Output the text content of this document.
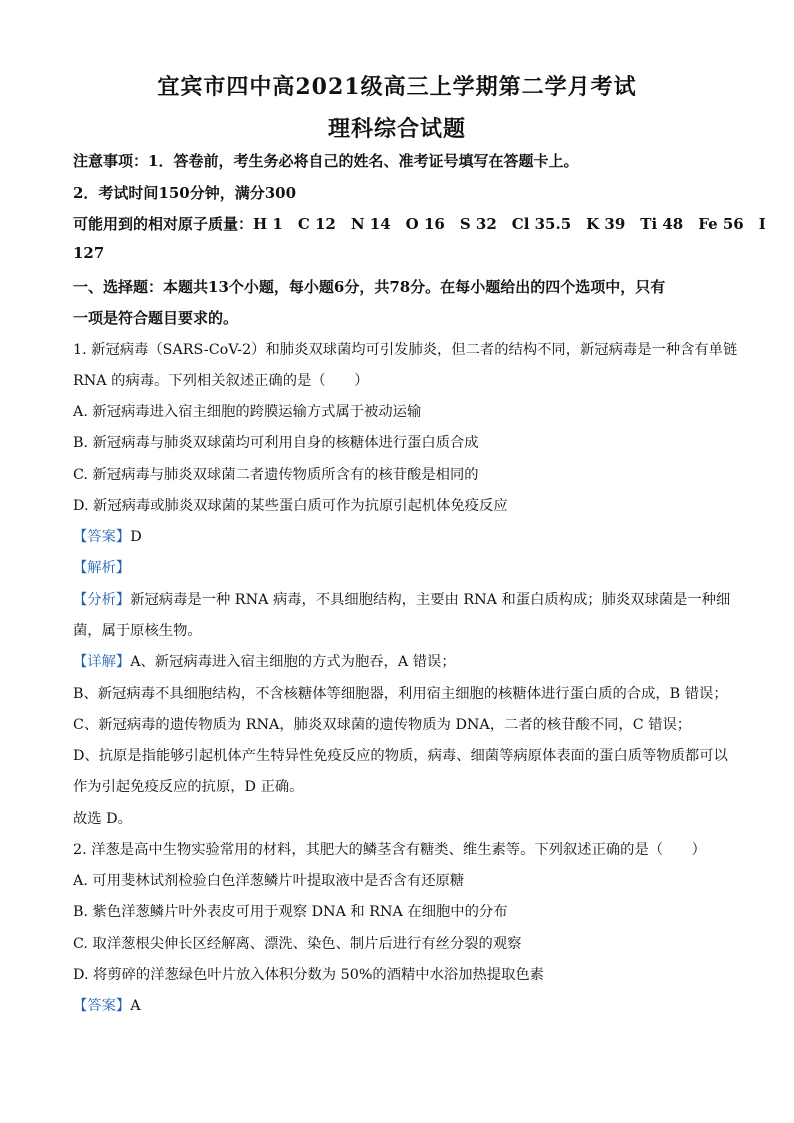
宜宾市四中高2021级高三上学期第二学月考试
理科综合试题
注意事项：1．答卷前，考生务必将自己的姓名、准考证号填写在答题卡上。
2．考试时间150分钟，满分300
可能用到的相对原子质量：H 1　C 12　N 14　O 16　S 32　Cl 35.5　K 39　Ti 48　Fe 56　I
127
一、选择题：本题共13个小题，每小题6分，共78分。在每小题给出的四个选项中，只有
一项是符合题目要求的。
1. 新冠病毒（SARS-CoV-2）和肺炎双球菌均可引发肺炎，但二者的结构不同，新冠病毒是一种含有单链
RNA 的病毒。下列相关叙述正确的是（　　）
A. 新冠病毒进入宿主细胞的跨膜运输方式属于被动运输
B. 新冠病毒与肺炎双球菌均可利用自身的核糖体进行蛋白质合成
C. 新冠病毒与肺炎双球菌二者遗传物质所含有的核苷酸是相同的
D. 新冠病毒或肺炎双球菌的某些蛋白质可作为抗原引起机体免疫反应
【答案】D
【解析】
【分析】新冠病毒是一种 RNA 病毒，不具细胞结构，主要由 RNA 和蛋白质构成；肺炎双球菌是一种细
菌，属于原核生物。
【详解】A、新冠病毒进入宿主细胞的方式为胞吞，A 错误；
B、新冠病毒不具细胞结构，不含核糖体等细胞器，利用宿主细胞的核糖体进行蛋白质的合成，B 错误；
C、新冠病毒的遗传物质为 RNA，肺炎双球菌的遗传物质为 DNA，二者的核苷酸不同，C 错误；
D、抗原是指能够引起机体产生特异性免疫反应的物质，病毒、细菌等病原体表面的蛋白质等物质都可以
作为引起免疫反应的抗原，D 正确。
故选 D。
2. 洋葱是高中生物实验常用的材料，其肥大的鳞茎含有糖类、维生素等。下列叙述正确的是（　　）
A. 可用斐林试剂检验白色洋葱鳞片叶提取液中是否含有还原糖
B. 紫色洋葱鳞片叶外表皮可用于观察 DNA 和 RNA 在细胞中的分布
C. 取洋葱根尖伸长区经解离、漂洗、染色、制片后进行有丝分裂的观察
D. 将剪碎的洋葱绿色叶片放入体积分数为 50%的酒精中水浴加热提取色素
【答案】A
